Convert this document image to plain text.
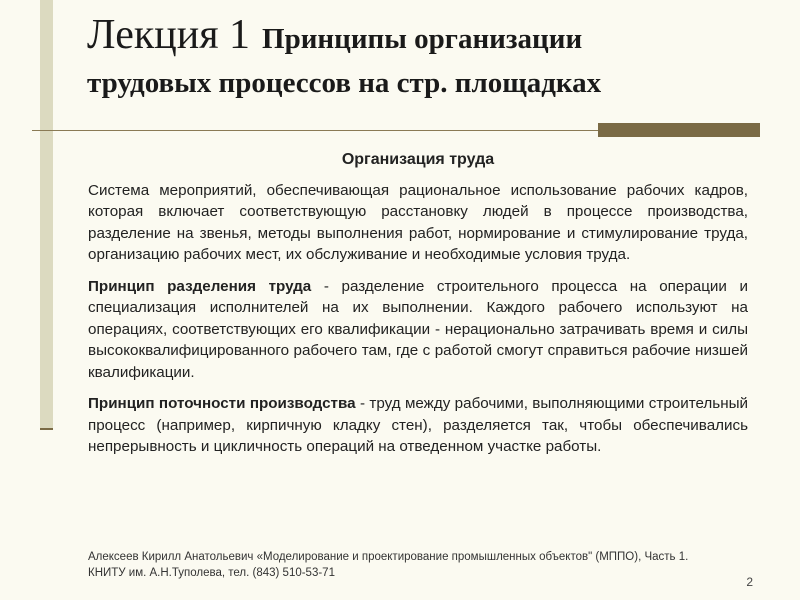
Лекция 1 Принципы организации
трудовых процессов на стр. площадках
Организация труда

Система мероприятий, обеспечивающая рациональное использование рабочих кадров, которая включает соответствующую расстановку людей в процессе производства, разделение на звенья, методы выполнения работ, нормирование и стимулирование труда, организацию рабочих мест, их обслуживание и необходимые условия труда.

Принцип разделения труда - разделение строительного процесса на операции и специализация исполнителей на их выполнении. Каждого рабочего используют на операциях, соответствующих его квалификации - нерационально затрачивать время и силы высококвалифицированного рабочего там, где с работой смогут справиться рабочие низшей квалификации.

Принцип поточности производства - труд между рабочими, выполняющими строительный процесс (например, кирпичную кладку стен), разделяется так, чтобы обеспечивались непрерывность и цикличность операций на отведенном участке работы.

Алексеев Кирилл Анатольевич «Моделирование и проектирование промышленных объектов" (МППО), Часть 1.
КНИТУ им. А.Н.Туполева, тел. (843) 510-53-71
2
